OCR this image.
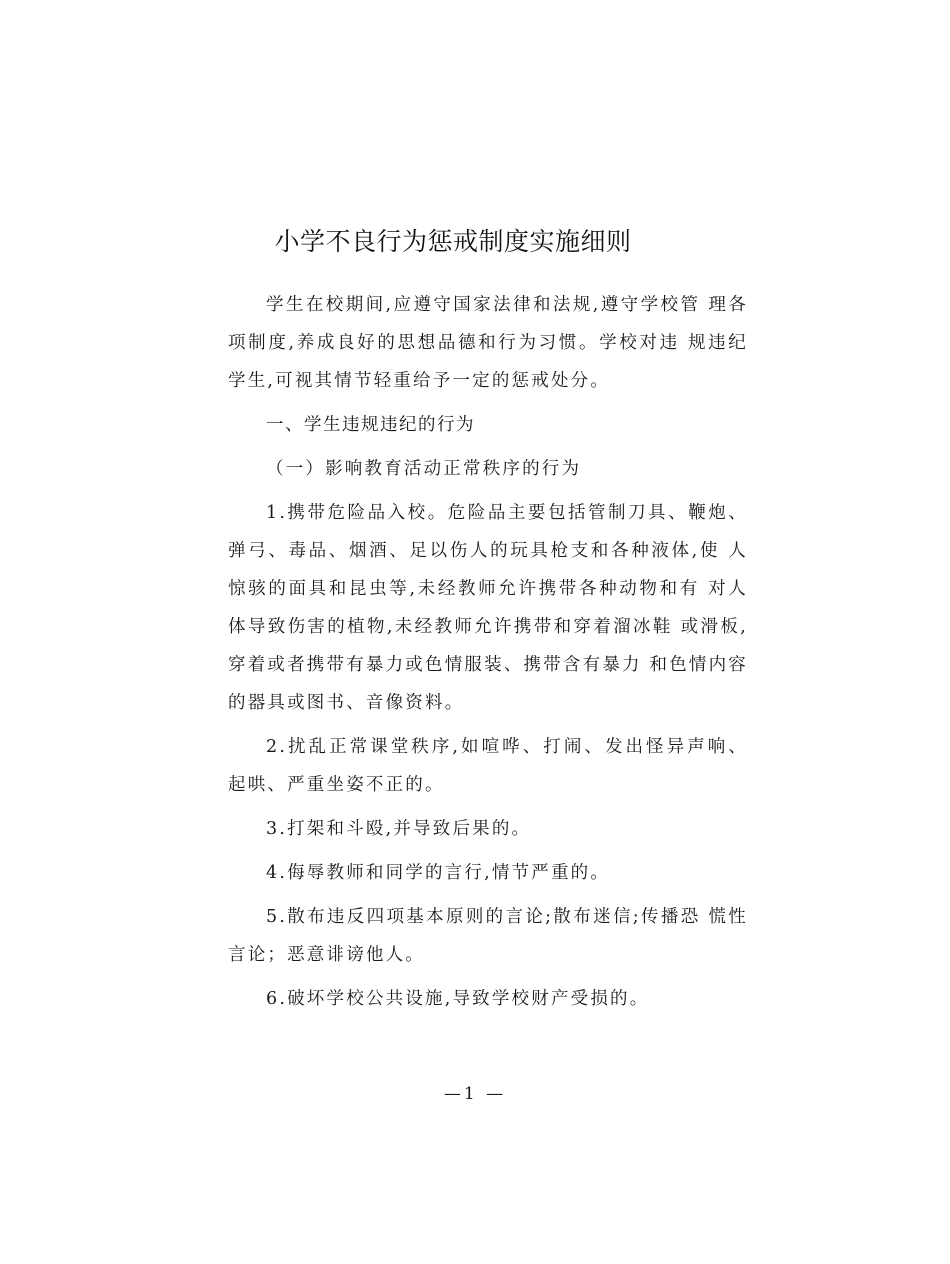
小学不良行为惩戒制度实施细则

学生在校期间,应遵守国家法律和法规,遵守学校管 理各项制度,养成良好的思想品德和行为习惯。学校对违 规违纪学生,可视其情节轻重给予一定的惩戒处分。

一、学生违规违纪的行为

（一）影响教育活动正常秩序的行为

1.携带危险品入校。危险品主要包括管制刀具、鞭炮、弹弓、毒品、烟酒、足以伤人的玩具枪支和各种液体,使 人惊骇的面具和昆虫等,未经教师允许携带各种动物和有 对人体导致伤害的植物,未经教师允许携带和穿着溜冰鞋 或滑板,穿着或者携带有暴力或色情服装、携带含有暴力 和色情内容的器具或图书、音像资料。

2.扰乱正常课堂秩序,如喧哗、打闹、发出怪异声响、 起哄、严重坐姿不正的。

3.打架和斗殴,并导致后果的。

4.侮辱教师和同学的言行,情节严重的。

5.散布违反四项基本原则的言论;散布迷信;传播恐 慌性言论；恶意诽谤他人。

6.破坏学校公共设施,导致学校财产受损的。

—1 —
